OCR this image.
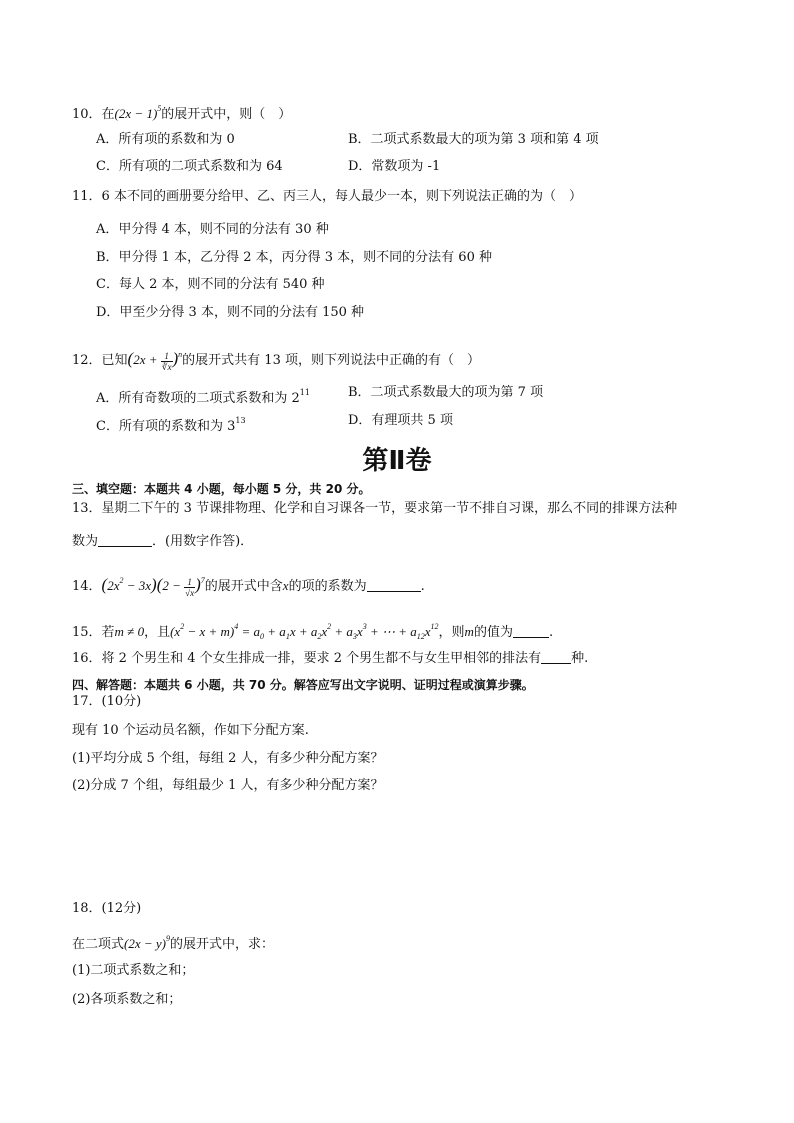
10．在$(2x - 1)^5$的展开式中，则（　）
A．所有项的系数和为 0	B．二项式系数最大的项为第 3 项和第 4 项
C．所有项的二项式系数和为 64	D．常数项为 -1
11．6 本不同的画册要分给甲、乙、丙三人，每人最少一本，则下列说法正确的为（　）
A．甲分得 4 本，则不同的分法有 30 种
B．甲分得 1 本，乙分得 2 本，丙分得 3 本，则不同的分法有 60 种
C．每人 2 本，则不同的分法有 540 种
D．甲至少分得 3 本，则不同的分法有 150 种
12．已知$(2x + \frac{1}{∛x} )^n$的展开式共有 13 项，则下列说法中正确的有（　）
A．所有奇数项的二项式系数和为 $2^{11}$	B．二项式系数最大的项为第 7 项
C．所有项的系数和为 $3^{13}$	D．有理项共 5 项
第Ⅱ卷
三、填空题：本题共 4 小题，每小题 5 分，共 20 分。
13．星期二下午的 3 节课排物理、化学和自习课各一节，要求第一节不排自习课，那么不同的排课方法种
数为	．(用数字作答)．
14．$(2x^2 - 3x)(2 - \frac{1}{√x} )^7$的展开式中含x的项的系数为	.
15．若m ≠ 0，且$(x^2 - x + m)^4 = a_0 + a_1x + a_2x^2 + a_3x^3$ + ⋯ + $a_{12}x^{12}$，则m的值为	.
16．将 2 个男生和 4 个女生排成一排，要求 2 个男生都不与女生甲相邻的排法有 种.
四、解答题：本题共 6 小题，共 70 分。解答应写出文字说明、证明过程或演算步骤。
17．(10分)
现有 10 个运动员名额，作如下分配方案.
(1)平均分成 5 个组，每组 2 人，有多少种分配方案？
(2)分成 7 个组，每组最少 1 人，有多少种分配方案？
18．(12分)
在二项式$(2x - y)^9$的展开式中，求：
(1)二项式系数之和；
(2)各项系数之和；
